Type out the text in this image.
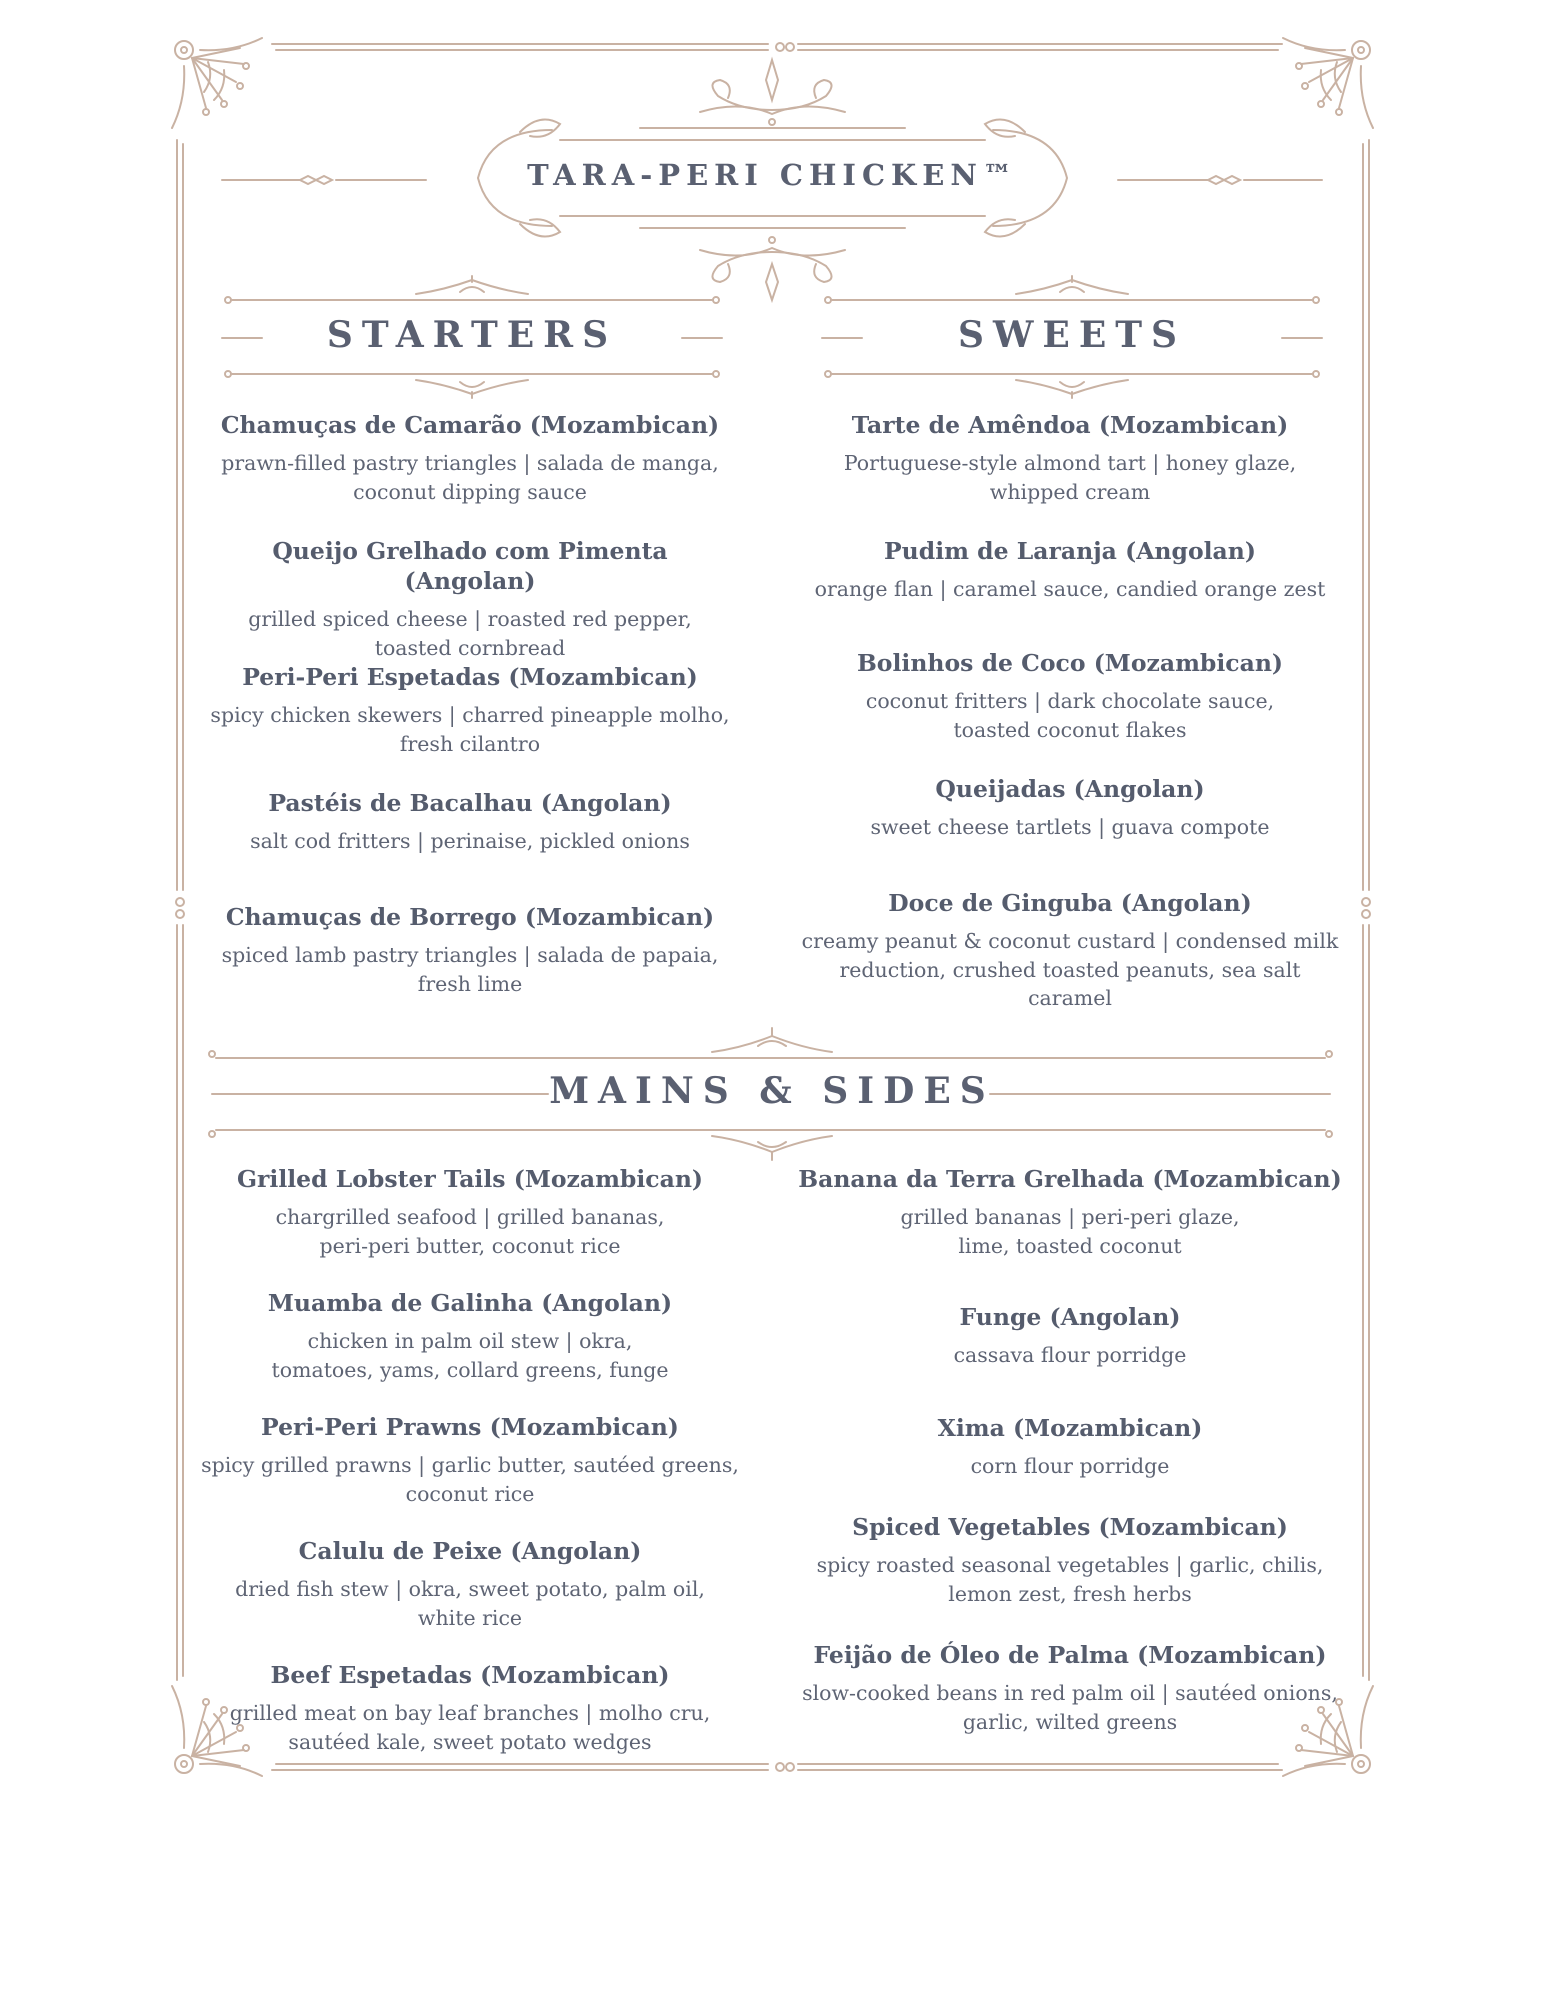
TARA-PERI CHICKEN™
STARTERS	SWEETS
MAINS & SIDES
Chamuças de Camarão (Mozambican)
prawn-filled pastry triangles | salada de manga,
coconut dipping sauce
Queijo Grelhado com Pimenta (Angolan)
grilled spiced cheese | roasted red pepper,
toasted cornbread
Peri-Peri Espetadas (Mozambican)
spicy chicken skewers | charred pineapple molho,
fresh cilantro
Pastéis de Bacalhau (Angolan)
salt cod fritters | perinaise, pickled onions
Chamuças de Borrego (Mozambican)
spiced lamb pastry triangles | salada de papaia,
fresh lime
Tarte de Amêndoa (Mozambican)
Portuguese-style almond tart | honey glaze,
whipped cream
Pudim de Laranja (Angolan)
orange flan | caramel sauce, candied orange zest
Bolinhos de Coco (Mozambican)
coconut fritters | dark chocolate sauce,
toasted coconut flakes
Queijadas (Angolan)
sweet cheese tartlets | guava compote
Doce de Ginguba (Angolan)
creamy peanut & coconut custard | condensed milk
reduction, crushed toasted peanuts, sea salt caramel
Grilled Lobster Tails (Mozambican)
chargrilled seafood | grilled bananas,
peri-peri butter, coconut rice
Muamba de Galinha (Angolan)
chicken in palm oil stew | okra,
tomatoes, yams, collard greens, funge
Peri-Peri Prawns (Mozambican)
spicy grilled prawns | garlic butter, sautéed greens,
coconut rice
Calulu de Peixe (Angolan)
dried fish stew | okra, sweet potato, palm oil,
white rice
Beef Espetadas (Mozambican)
grilled meat on bay leaf branches | molho cru,
sautéed kale, sweet potato wedges
Banana da Terra Grelhada (Mozambican)
grilled bananas | peri-peri glaze,
lime, toasted coconut
Funge (Angolan)
cassava flour porridge
Xima (Mozambican)
corn flour porridge
Spiced Vegetables (Mozambican)
spicy roasted seasonal vegetables | garlic, chilis,
lemon zest, fresh herbs
Feijão de Óleo de Palma (Mozambican)
slow-cooked beans in red palm oil | sautéed onions,
garlic, wilted greens
